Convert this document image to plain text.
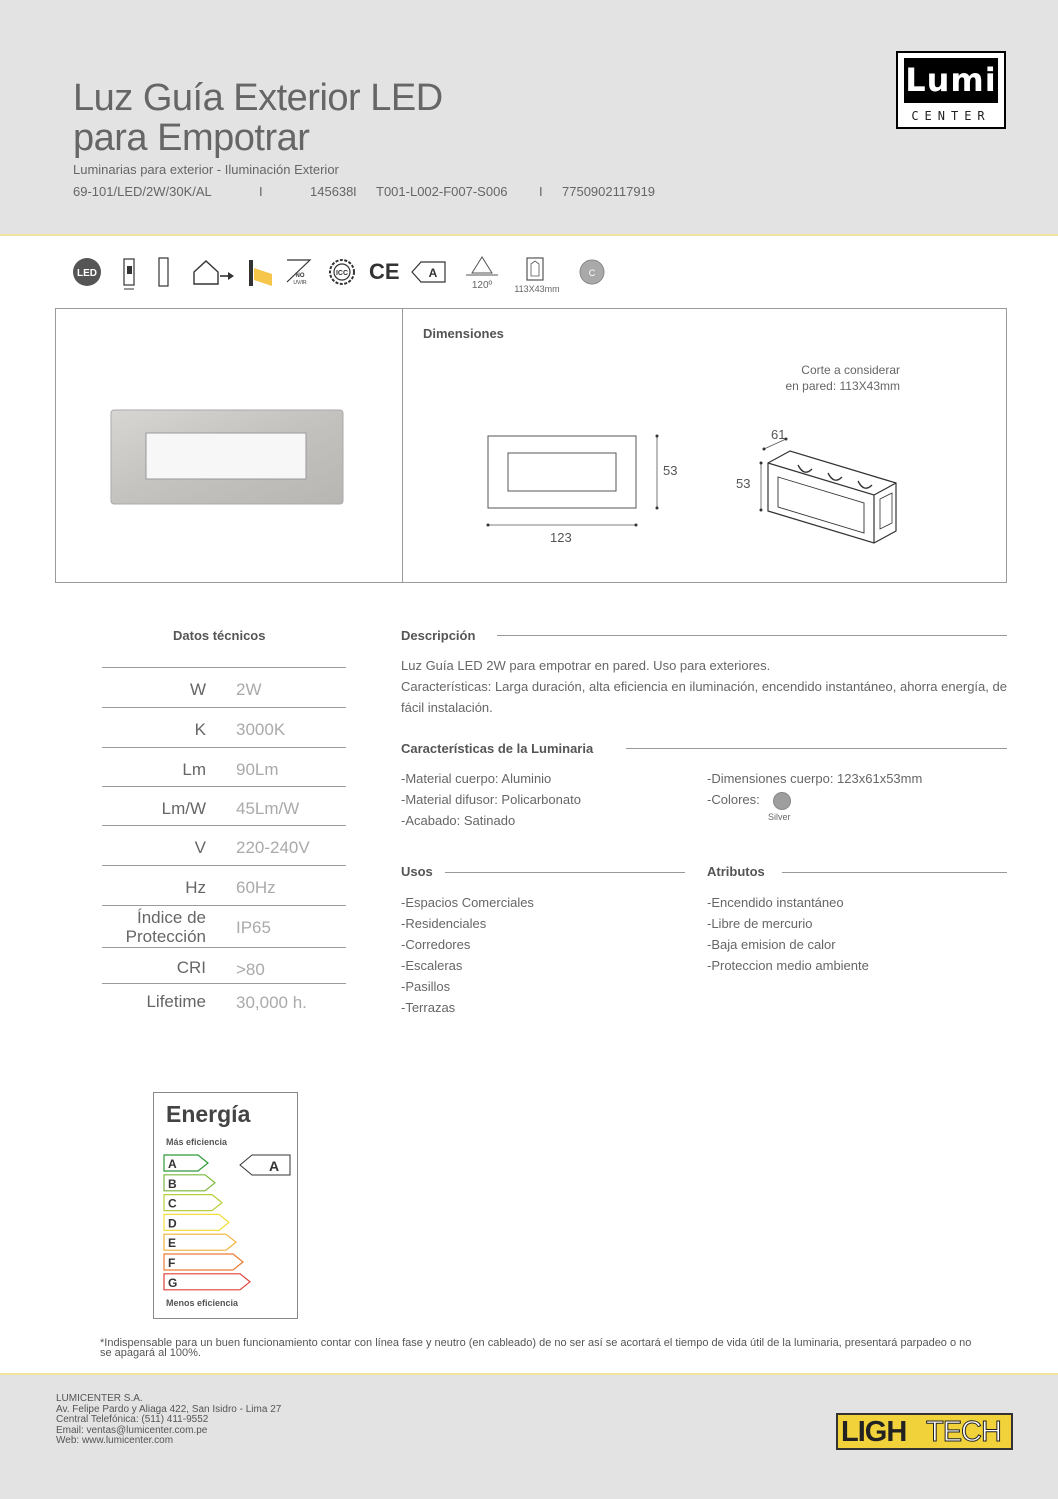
Luz Guía Exterior LED
para Empotrar
Luminarias para exterior - Iluminación Exterior
69-101/LED/2W/30K/AL	I	145638 I T001-L002-F007-S006 I 7750902117919
Lumi
CENTER
LED	NO
UV/IR
ICC CE A
120º 113X43mm
C
Dimensiones
Corte a considerar
en pared: 113X43mm
53
123
61
53
Datos técnicos
W 2W
K 3000K
Lm 90Lm
Lm/W 45Lm/W
V 220-240V
Hz 60Hz
Índice de
Protección IP65
CRI >80
Lifetime 30,000 h.
Descripción
Luz Guía LED 2W para empotrar en pared. Uso para exteriores.
Características: Larga duración, alta eficiencia en iluminación, encendido instantáneo, ahorra energía, de fácil instalación.
Características de la Luminaria
-Material cuerpo: Aluminio
-Material difusor: Policarbonato
-Acabado: Satinado
-Dimensiones cuerpo: 123x61x53mm
-Colores:
Silver
Usos
-Espacios Comerciales
-Residenciales
-Corredores
-Escaleras
-Pasillos
-Terrazas
Atributos
-Encendido instantáneo
-Libre de mercurio
-Baja emision de calor
-Proteccion medio ambiente
Energía
Más eficiencia
A
B
C
D
E
F
G
A
Menos eficiencia
*Indispensable para un buen funcionamiento contar con línea fase y neutro (en cableado) de no ser así se acortará el tiempo de vida útil de la luminaria, presentará parpadeo o no se apagará al 100%.
LUMICENTER S.A.
Av. Felipe Pardo y Aliaga 422, San Isidro - Lima 27
Central Telefónica: (511) 411-9552
Email: ventas@lumicenter.com.pe
Web: www.lumicenter.com	LIGH TECH
